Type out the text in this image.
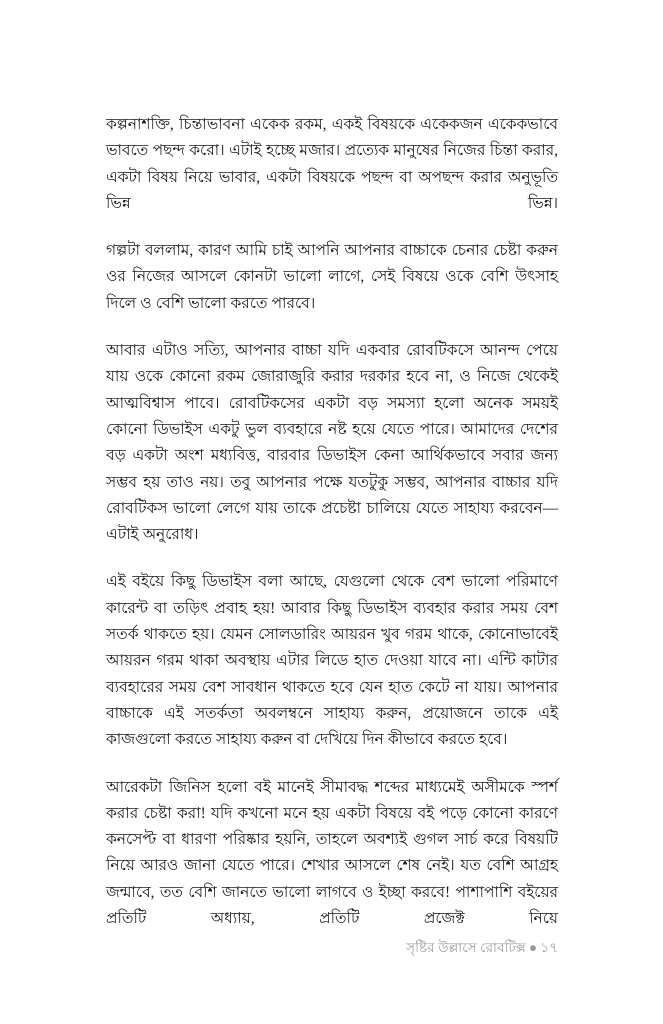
কল্পনাশক্তি, চিন্তাভাবনা একেক রকম, একই বিষয়কে একেকজন একেকভাবে ভাবতে পছন্দ করো। এটাই হচ্ছে মজার। প্রত্যেক মানুষের নিজের চিন্তা করার, একটা বিষয় নিয়ে ভাবার, একটা বিষয়কে পছন্দ বা অপছন্দ করার অনুভূতি ভিন্ন ভিন্ন।

গল্পটা বললাম, কারণ আমি চাই আপনি আপনার বাচ্চাকে চেনার চেষ্টা করুন ওর নিজের আসলে কোনটা ভালো লাগে, সেই বিষয়ে ওকে বেশি উৎসাহ দিলে ও বেশি ভালো করতে পারবে।

আবার এটাও সত্যি, আপনার বাচ্চা যদি একবার রোবটিকসে আনন্দ পেয়ে যায় ওকে কোনো রকম জোরাজুরি করার দরকার হবে না, ও নিজে থেকেই আত্মবিশ্বাস পাবে। রোবটিকসের একটা বড় সমস্যা হলো অনেক সময়ই কোনো ডিভাইস একটু ভুল ব্যবহারে নষ্ট হয়ে যেতে পারে। আমাদের দেশের বড় একটা অংশ মধ্যবিত্ত, বারবার ডিভাইস কেনা আর্থিকভাবে সবার জন্য সম্ভব হয় তাও নয়। তবু আপনার পক্ষে যতটুকু সম্ভব, আপনার বাচ্চার যদি রোবটিকস ভালো লেগে যায় তাকে প্রচেষ্টা চালিয়ে যেতে সাহায্য করবেন— এটাই অনুরোধ।

এই বইয়ে কিছু ডিভাইস বলা আছে, যেগুলো থেকে বেশ ভালো পরিমাণে কারেন্ট বা তড়িৎ প্রবাহ হয়! আবার কিছু ডিভাইস ব্যবহার করার সময় বেশ সতর্ক থাকতে হয়। যেমন সোলডারিং আয়রন খুব গরম থাকে, কোনোভাবেই আয়রন গরম থাকা অবস্থায় এটার লিডে হাত দেওয়া যাবে না। এন্টি কাটার ব্যবহারের সময় বেশ সাবধান থাকতে হবে যেন হাত কেটে না যায়। আপনার বাচ্চাকে এই সতর্কতা অবলম্বনে সাহায্য করুন, প্রয়োজনে তাকে এই কাজগুলো করতে সাহায্য করুন বা দেখিয়ে দিন কীভাবে করতে হবে।

আরেকটা জিনিস হলো বই মানেই সীমাবদ্ধ শব্দের মাধ্যমেই অসীমকে স্পর্শ করার চেষ্টা করা! যদি কখনো মনে হয় একটা বিষয়ে বই পড়ে কোনো কারণে কনসেপ্ট বা ধারণা পরিষ্কার হয়নি, তাহলে অবশ্যই গুগল সার্চ করে বিষয়টি নিয়ে আরও জানা যেতে পারে। শেখার আসলে শেষ নেই। যত বেশি আগ্রহ জন্মাবে, তত বেশি জানতে ভালো লাগবে ও ইচ্ছা করবে! পাশাপাশি বইয়ের প্রতিটি অধ্যায়, প্রতিটি প্রজেক্ট নিয়ে

সৃষ্টির উল্লাসে রোবটিক্স ● ১৭
